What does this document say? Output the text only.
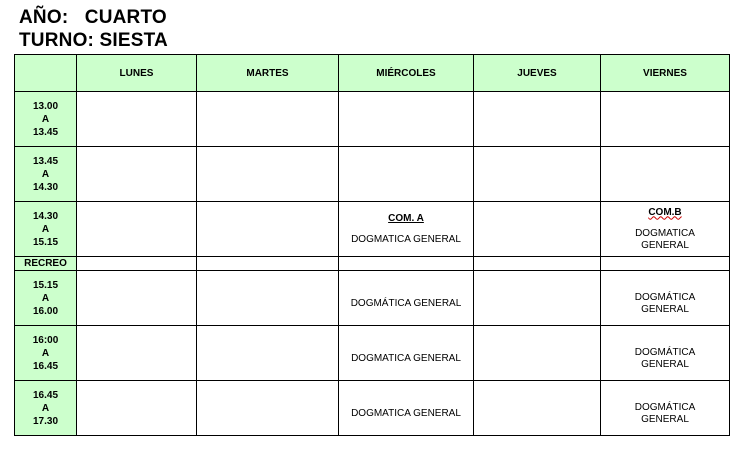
AÑO:   CUARTO
TURNO: SIESTA
	LUNES	MARTES	MIÉRCOLES	JUEVES	VIERNES

13.00
A
13.45					

13.45
A
14.30					

14.30
A
15.15			COM. A
DOGMATICA GENERAL		COM.B
DOGMATICA
GENERAL

RECREO					

15.15
A
16.00			DOGMÁTICA GENERAL		DOGMÁTICA
GENERAL

16:00
A
16.45			DOGMATICA GENERAL		DOGMÁTICA
GENERAL

16.45
A
17.30			DOGMATICA GENERAL		DOGMÁTICA
GENERAL
